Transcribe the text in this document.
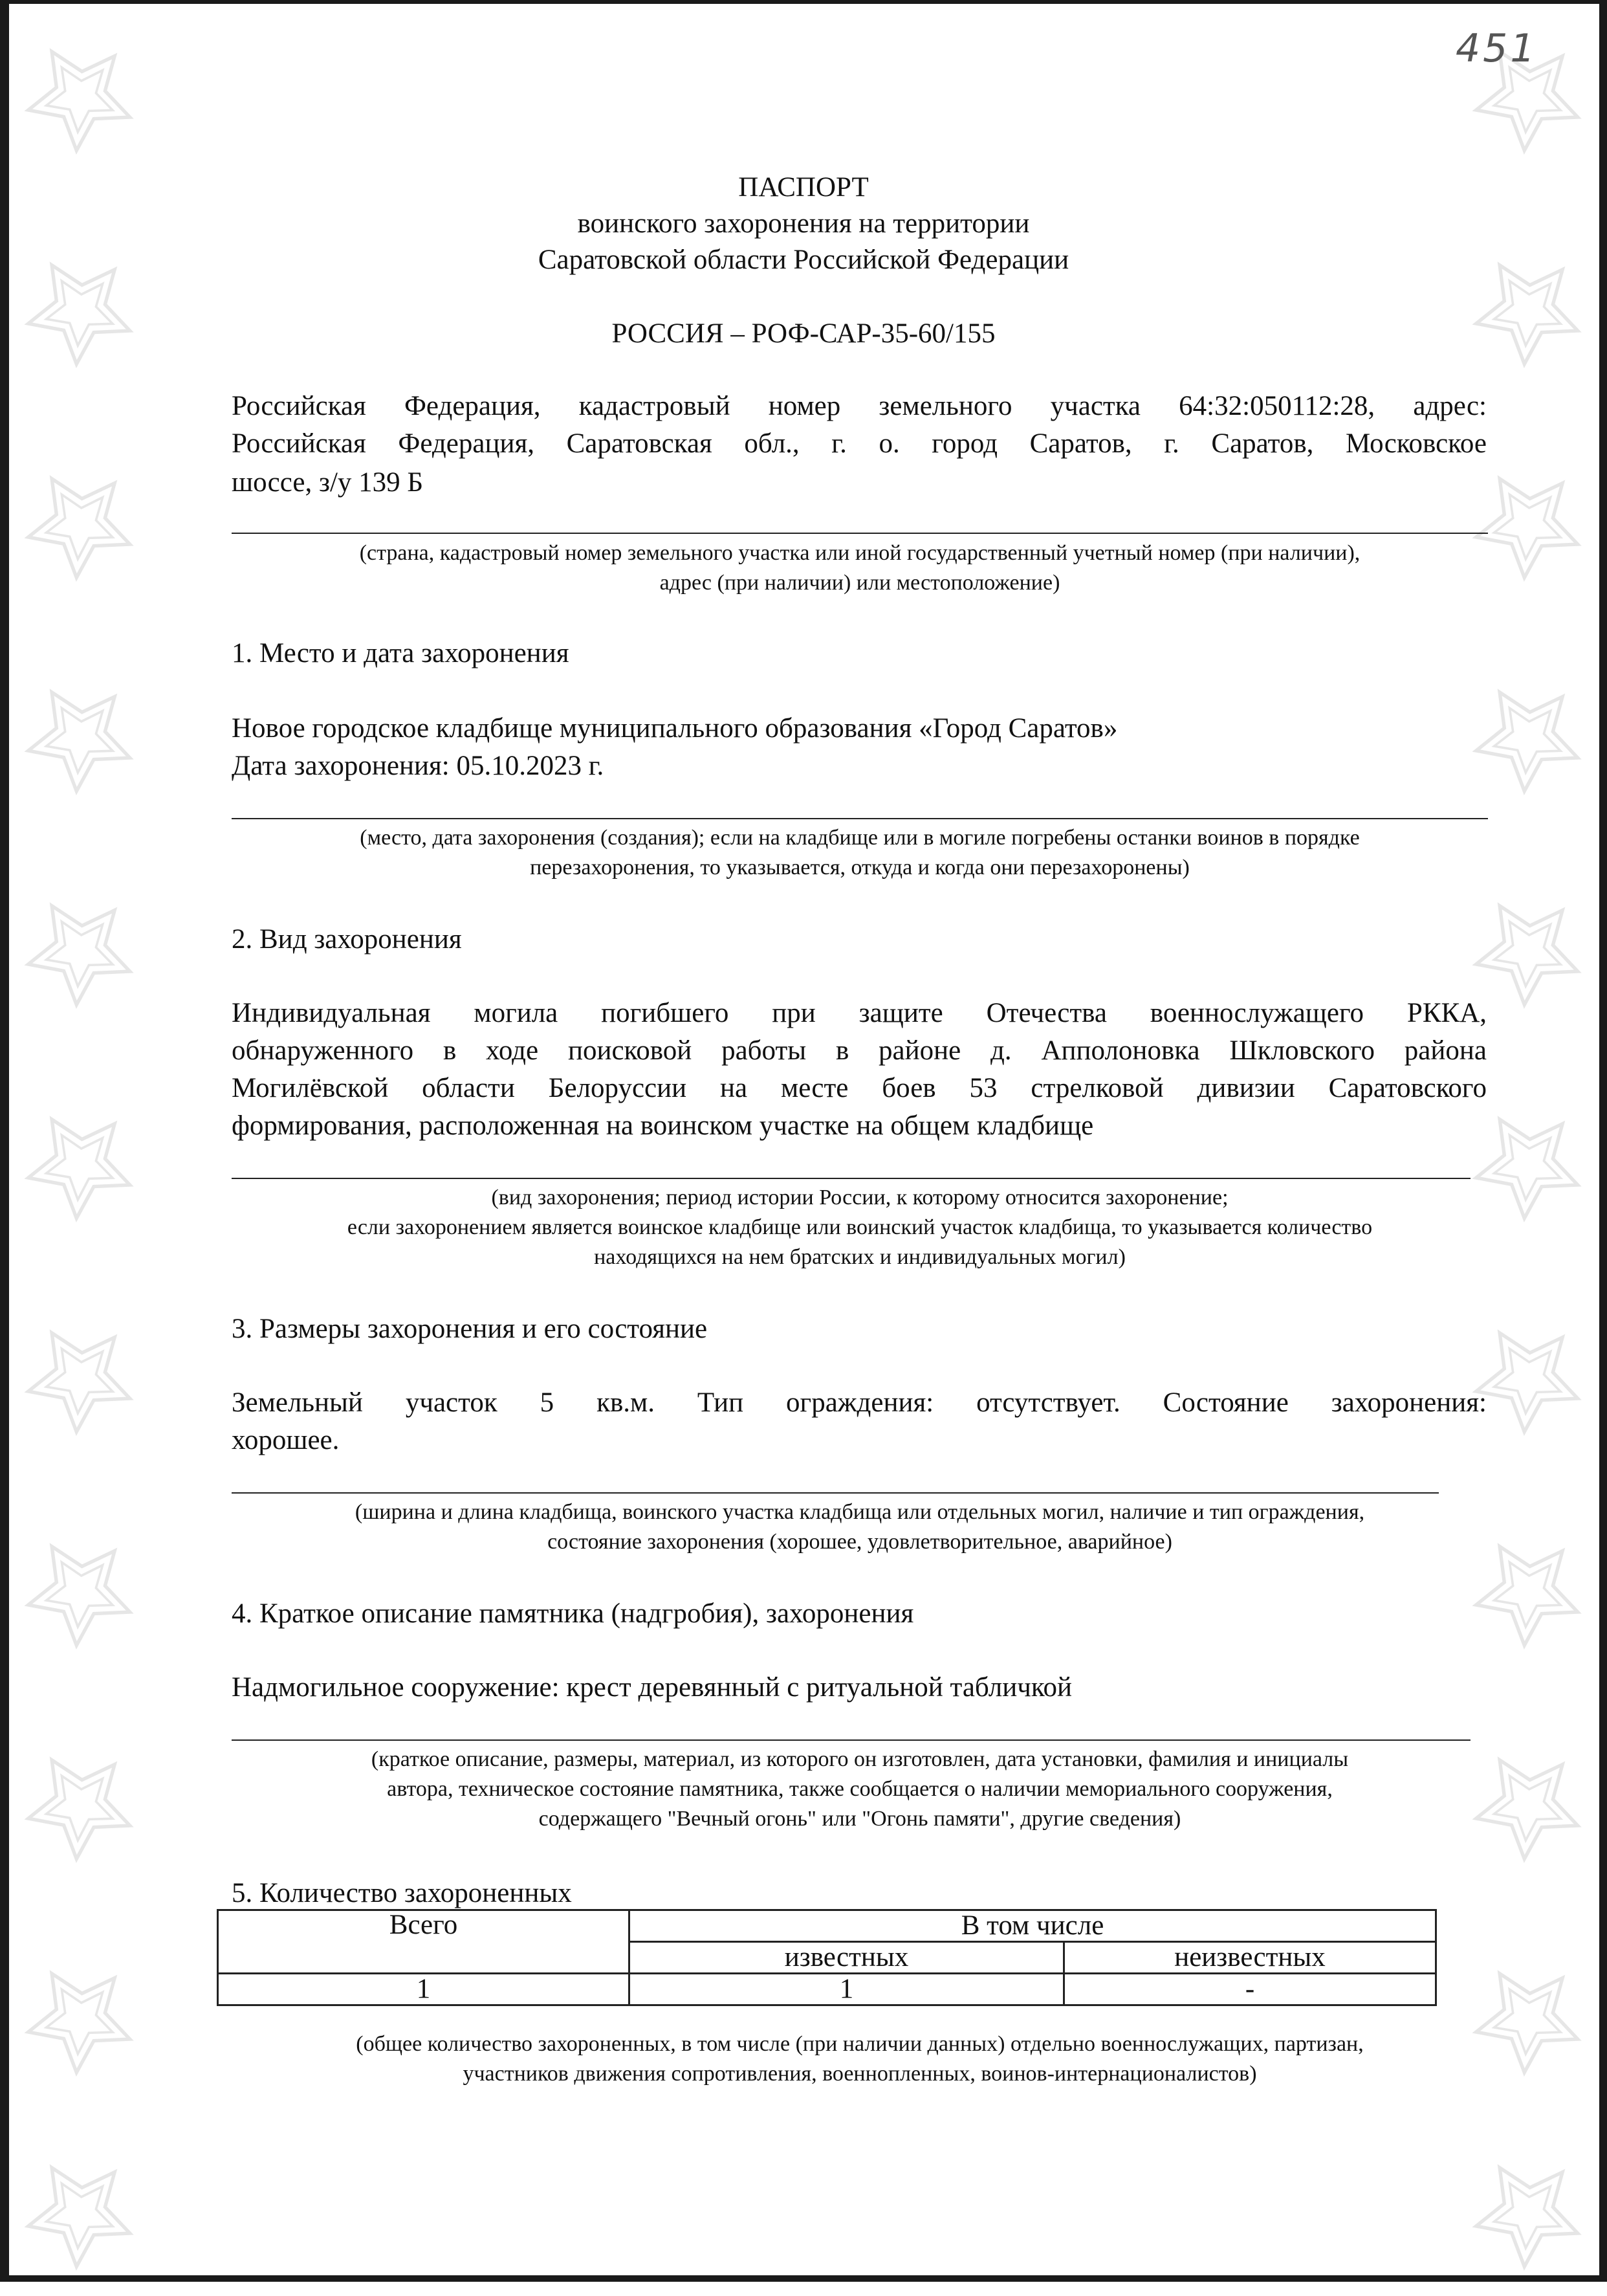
451
ПАСПОРТ
воинского захоронения на территории
Саратовской области Российской Федерации
РОССИЯ – РОФ-САР-35-60/155
Российская Федерация, кадастровый номер земельного участка 64:32:050112:28, адрес:
Российская Федерация, Саратовская обл., г. о. город Саратов, г. Саратов, Московское
шоссе, з/у 139 Б
(страна, кадастровый номер земельного участка или иной государственный учетный номер (при наличии),
адрес (при наличии) или местоположение)
1. Место и дата захоронения
Новое городское кладбище муниципального образования «Город Саратов»
Дата захоронения: 05.10.2023 г.
(место, дата захоронения (создания); если на кладбище или в могиле погребены останки воинов в порядке
перезахоронения, то указывается, откуда и когда они перезахоронены)
2. Вид захоронения
Индивидуальная могила погибшего при защите Отечества военнослужащего РККА,
обнаруженного в ходе поисковой работы в районе д. Апполоновка Шкловского района
Могилёвской области Белоруссии на месте боев 53 стрелковой дивизии Саратовского
формирования, расположенная на воинском участке на общем кладбище
(вид захоронения; период истории России, к которому относится захоронение;
если захоронением является воинское кладбище или воинский участок кладбища, то указывается количество
находящихся на нем братских и индивидуальных могил)
3. Размеры захоронения и его состояние
Земельный участок 5 кв.м. Тип ограждения: отсутствует. Состояние захоронения:
хорошее.
(ширина и длина кладбища, воинского участка кладбища или отдельных могил, наличие и тип ограждения,
состояние захоронения (хорошее, удовлетворительное, аварийное)
4. Краткое описание памятника (надгробия), захоронения
Надмогильное сооружение: крест деревянный с ритуальной табличкой
(краткое описание, размеры, материал, из которого он изготовлен, дата установки, фамилия и инициалы
автора, техническое состояние памятника, также сообщается о наличии мемориального сооружения,
содержащего "Вечный огонь" или "Огонь памяти", другие сведения)
5. Количество захороненных
Всего	В том числе	
	известных	неизвестных
1	1	-
(общее количество захороненных, в том числе (при наличии данных) отдельно военнослужащих, партизан,
участников движения сопротивления, военнопленных, воинов-интернационалистов)
